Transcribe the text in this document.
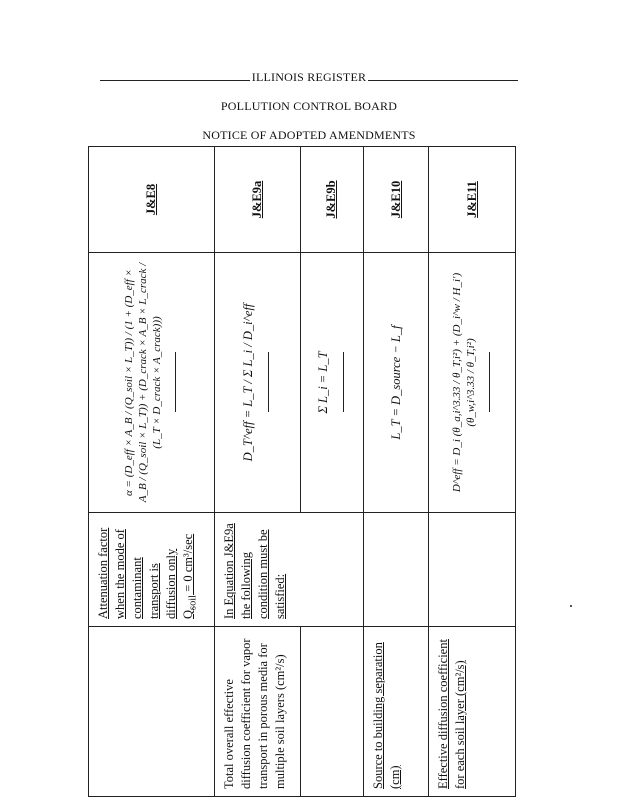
ILLINOIS REGISTER
POLLUTION CONTROL BOARD
NOTICE OF ADOPTED AMENDMENTS
	Attenuation factor when the mode of contaminant transport is diffusion only $Q_{soil} = 0$ cm³/sec	α = (D_eff × A_B / (Q_soil × L_T)) / (1 + (D_eff × A_B / (Q_soil × L_T)) + (D_crack × A_B × L_crack / (L_T × D_crack × A_crack)))	J&E8
Total overall effective diffusion coefficient for vapor transport in porous media for multiple soil layers (cm²/s)	In Equation J&E9a the following condition must be satisfied:	D_T^eff = L_T / Σ L_i / D_i^eff	J&E9a
		Σ L_i = L_T	J&E9b
Source to building separation (cm)		L_T = D_source − L_f	J&E10
Effective diffusion coefficient for each soil layer (cm²/s)		D^eff = D_i (θ_a,i^3.33 / θ_T,i²) + (D_i^w / H_i′)(θ_w,i^3.33 / θ_T,i²)	J&E11
